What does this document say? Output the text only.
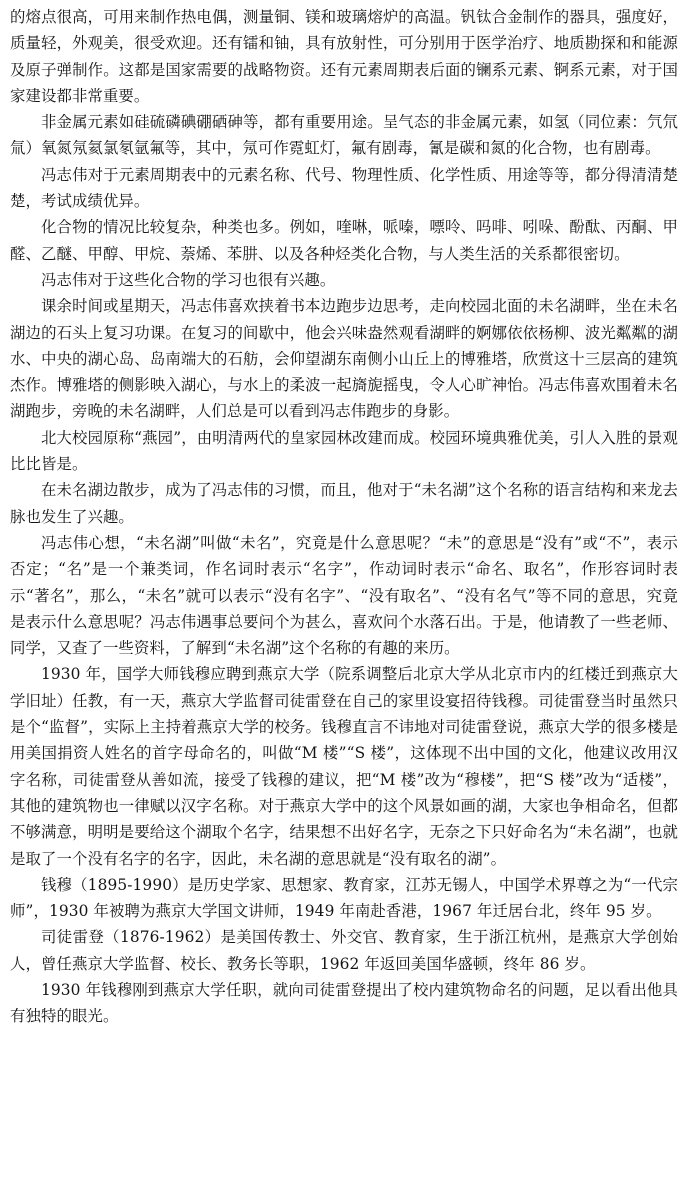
的熔点很高，可用来制作热电偶，测量铜、镁和玻璃熔炉的高温。钒钛合金制作的器具，强度好，质量轻，外观美，很受欢迎。还有镭和铀，具有放射性，可分别用于医学治疗、地质勘探和和能源及原子弹制作。这都是国家需要的战略物资。还有元素周期表后面的镧系元素、锕系元素，对于国家建设都非常重要。

非金属元素如硅硫磷碘硼硒砷等，都有重要用途。呈气态的非金属元素，如氢（同位素：氕氘氚）氧氮氖氦氯氡氩氟等，其中，氖可作霓虹灯，氟有剧毒，氰是碳和氮的化合物，也有剧毒。

冯志伟对于元素周期表中的元素名称、代号、物理性质、化学性质、用途等等，都分得清清楚楚，考试成绩优异。

化合物的情况比较复杂，种类也多。例如，喹啉，哌嗪，嘌呤、吗啡、吲哚、酚酞、丙酮、甲醛、乙醚、甲醇、甲烷、萘烯、苯肼、以及各种烃类化合物，与人类生活的关系都很密切。

冯志伟对于这些化合物的学习也很有兴趣。

课余时间或星期天，冯志伟喜欢挟着书本边跑步边思考，走向校园北面的未名湖畔，坐在未名湖边的石头上复习功课。在复习的间歇中，他会兴味盎然观看湖畔的婀娜依依杨柳、波光粼粼的湖水、中央的湖心岛、岛南端大的石舫，会仰望湖东南侧小山丘上的博雅塔，欣赏这十三层高的建筑杰作。博雅塔的侧影映入湖心，与水上的柔波一起旖旎摇曳，令人心旷神怡。冯志伟喜欢围着未名湖跑步，旁晚的未名湖畔，人们总是可以看到冯志伟跑步的身影。

北大校园原称“燕园”，由明清两代的皇家园林改建而成。校园环境典雅优美，引人入胜的景观比比皆是。

在未名湖边散步，成为了冯志伟的习惯，而且，他对于“未名湖”这个名称的语言结构和来龙去脉也发生了兴趣。

冯志伟心想，“未名湖”叫做“未名”，究竟是什么意思呢？“未”的意思是“没有”或“不”，表示否定；“名”是一个兼类词，作名词时表示“名字”，作动词时表示“命名、取名”，作形容词时表示“著名”，那么，“未名”就可以表示“没有名字”、“没有取名”、“没有名气”等不同的意思，究竟是表示什么意思呢？冯志伟遇事总要问个为甚么，喜欢问个水落石出。于是，他请教了一些老师、同学，又查了一些资料，了解到“未名湖”这个名称的有趣的来历。

1930 年，国学大师钱穆应聘到燕京大学（院系调整后北京大学从北京市内的红楼迁到燕京大学旧址）任教，有一天，燕京大学监督司徒雷登在自己的家里设宴招待钱穆。司徒雷登当时虽然只是个“监督”，实际上主持着燕京大学的校务。钱穆直言不讳地对司徒雷登说，燕京大学的很多楼是用美国捐资人姓名的首字母命名的，叫做“M 楼”“S 楼”，这体现不出中国的文化，他建议改用汉字名称，司徒雷登从善如流，接受了钱穆的建议，把“M 楼”改为“穆楼”，把“S 楼”改为“适楼”，其他的建筑物也一律赋以汉字名称。对于燕京大学中的这个风景如画的湖，大家也争相命名，但都不够满意，明明是要给这个湖取个名字，结果想不出好名字，无奈之下只好命名为“未名湖”，也就是取了一个没有名字的名字，因此，未名湖的意思就是“没有取名的湖”。

钱穆（1895-1990）是历史学家、思想家、教育家，江苏无锡人，中国学术界尊之为“一代宗师”，1930 年被聘为燕京大学国文讲师，1949 年南赴香港，1967 年迁居台北，终年 95 岁。

司徒雷登（1876-1962）是美国传教士、外交官、教育家，生于浙江杭州，是燕京大学创始人，曾任燕京大学监督、校长、教务长等职，1962 年返回美国华盛顿，终年 86 岁。

1930 年钱穆刚到燕京大学任职，就向司徒雷登提出了校内建筑物命名的问题，足以看出他具有独特的眼光。
